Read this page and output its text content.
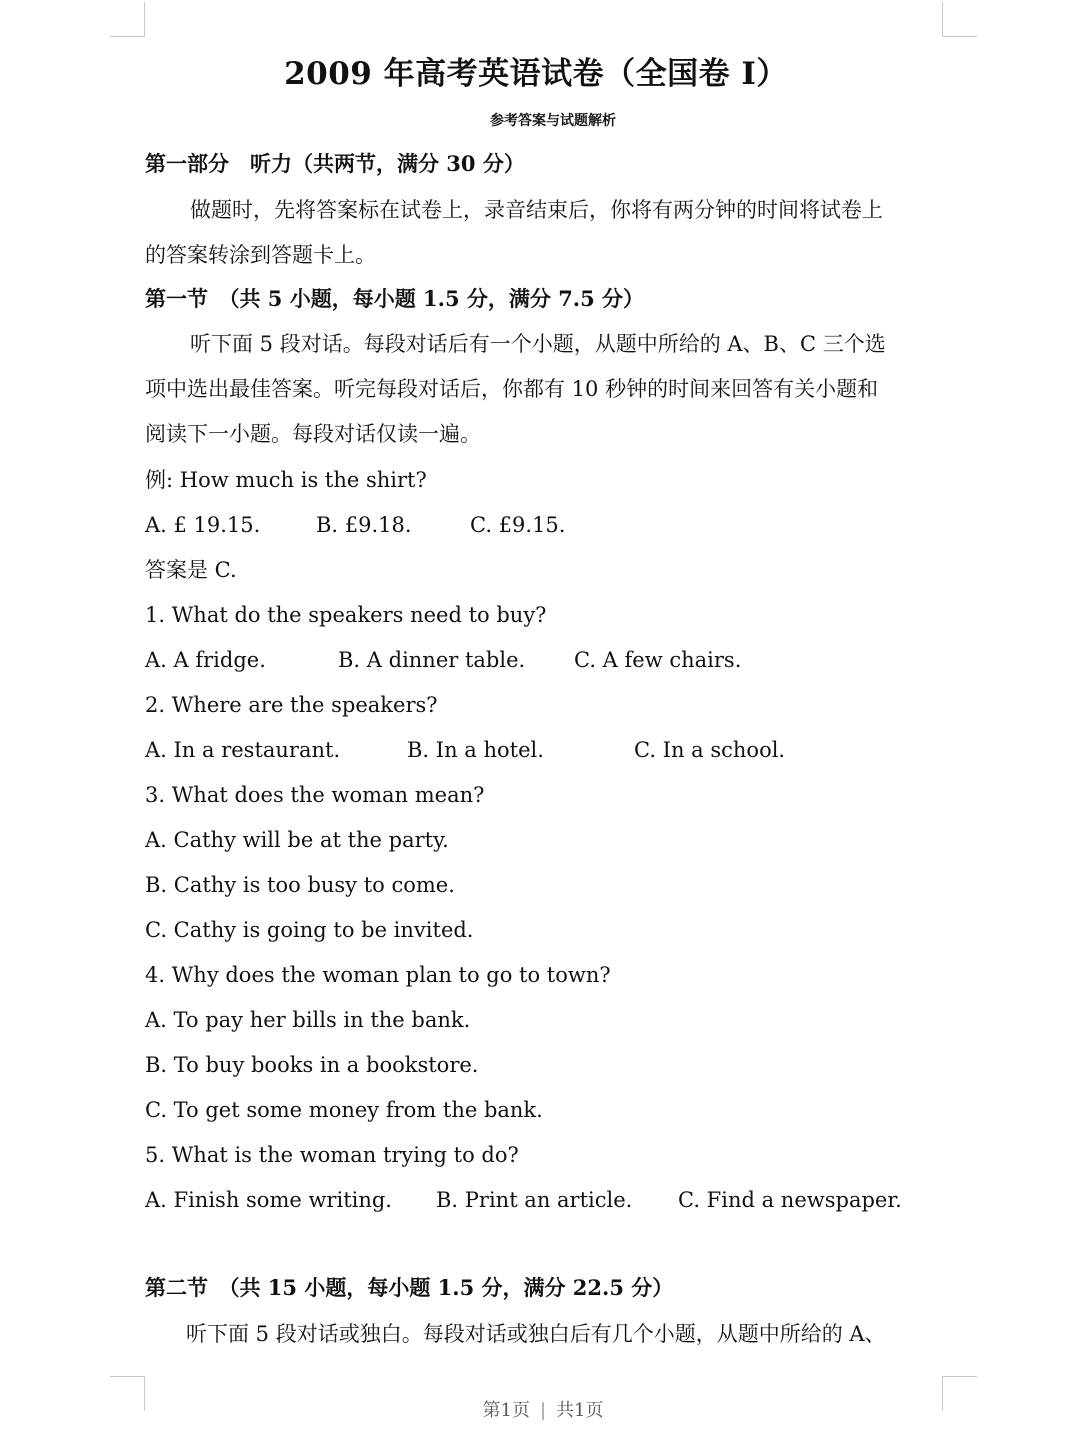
2009 年高考英语试卷（全国卷 I）
参考答案与试题解析
第一部分　听力（共两节，满分 30 分）
做题时，先将答案标在试卷上，录音结束后，你将有两分钟的时间将试卷上
的答案转涂到答题卡上。
第一节　（共 5 小题，每小题 1.5 分，满分 7.5 分）
听下面 5 段对话。每段对话后有一个小题，从题中所给的 A、B、C 三个选
项中选出最佳答案。听完每段对话后，你都有 10 秒钟的时间来回答有关小题和
阅读下一小题。每段对话仅读一遍。
例: How much is the shirt?
A. £ 19.15.	B. £9.18.	C. £9.15.
答案是 C.
1. What do the speakers need to buy?
A. A fridge.	B. A dinner table. C. A few chairs.
2. Where are the speakers?
A. In a restaurant.	B. In a hotel.	C. In a school.
3. What does the woman mean?
A. Cathy will be at the party.
B. Cathy is too busy to come.
C. Cathy is going to be invited.
4. Why does the woman plan to go to town?
A. To pay her bills in the bank.
B. To buy books in a bookstore.
C. To get some money from the bank.
5. What is the woman trying to do?
A. Finish some writing. B. Print an article. C. Find a newspaper.
第二节　（共 15 小题，每小题 1.5 分，满分 22.5 分）
听下面 5 段对话或独白。每段对话或独白后有几个小题，从题中所给的 A、
第1页 | 共1页
